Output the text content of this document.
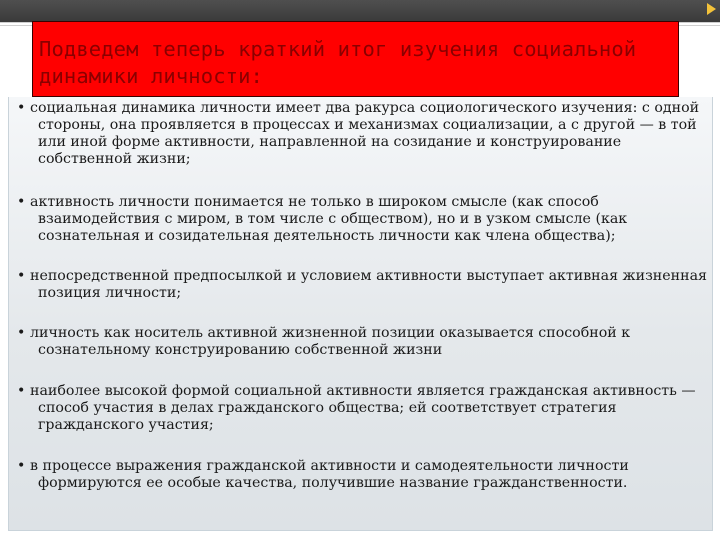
Подведем теперь краткий итог изучения социальной динамики личности:
• социальная динамика личности имеет два ракурса социологического изучения: с одной стороны, она проявляется в процессах и механизмах социализации, а с другой — в той или иной форме активности, направленной на созидание и конструирование собственной жизни;
• активность личности понимается не только в широком смысле (как способ взаимодействия с миром, в том числе с обществом), но и в узком смысле (как сознательная и созидательная деятельность личности как члена общества);
• непосредственной предпосылкой и условием активности выступает активная жизненная позиция личности;
• личность как носитель активной жизненной позиции оказывается способной к сознательному конструированию собственной жизни
• наиболее высокой формой социальной активности является гражданская активность — способ участия в делах гражданского общества; ей соответствует стратегия гражданского участия;
• в процессе выражения гражданской активности и самодеятельности личности формируются ее особые качества, получившие название гражданственности.
